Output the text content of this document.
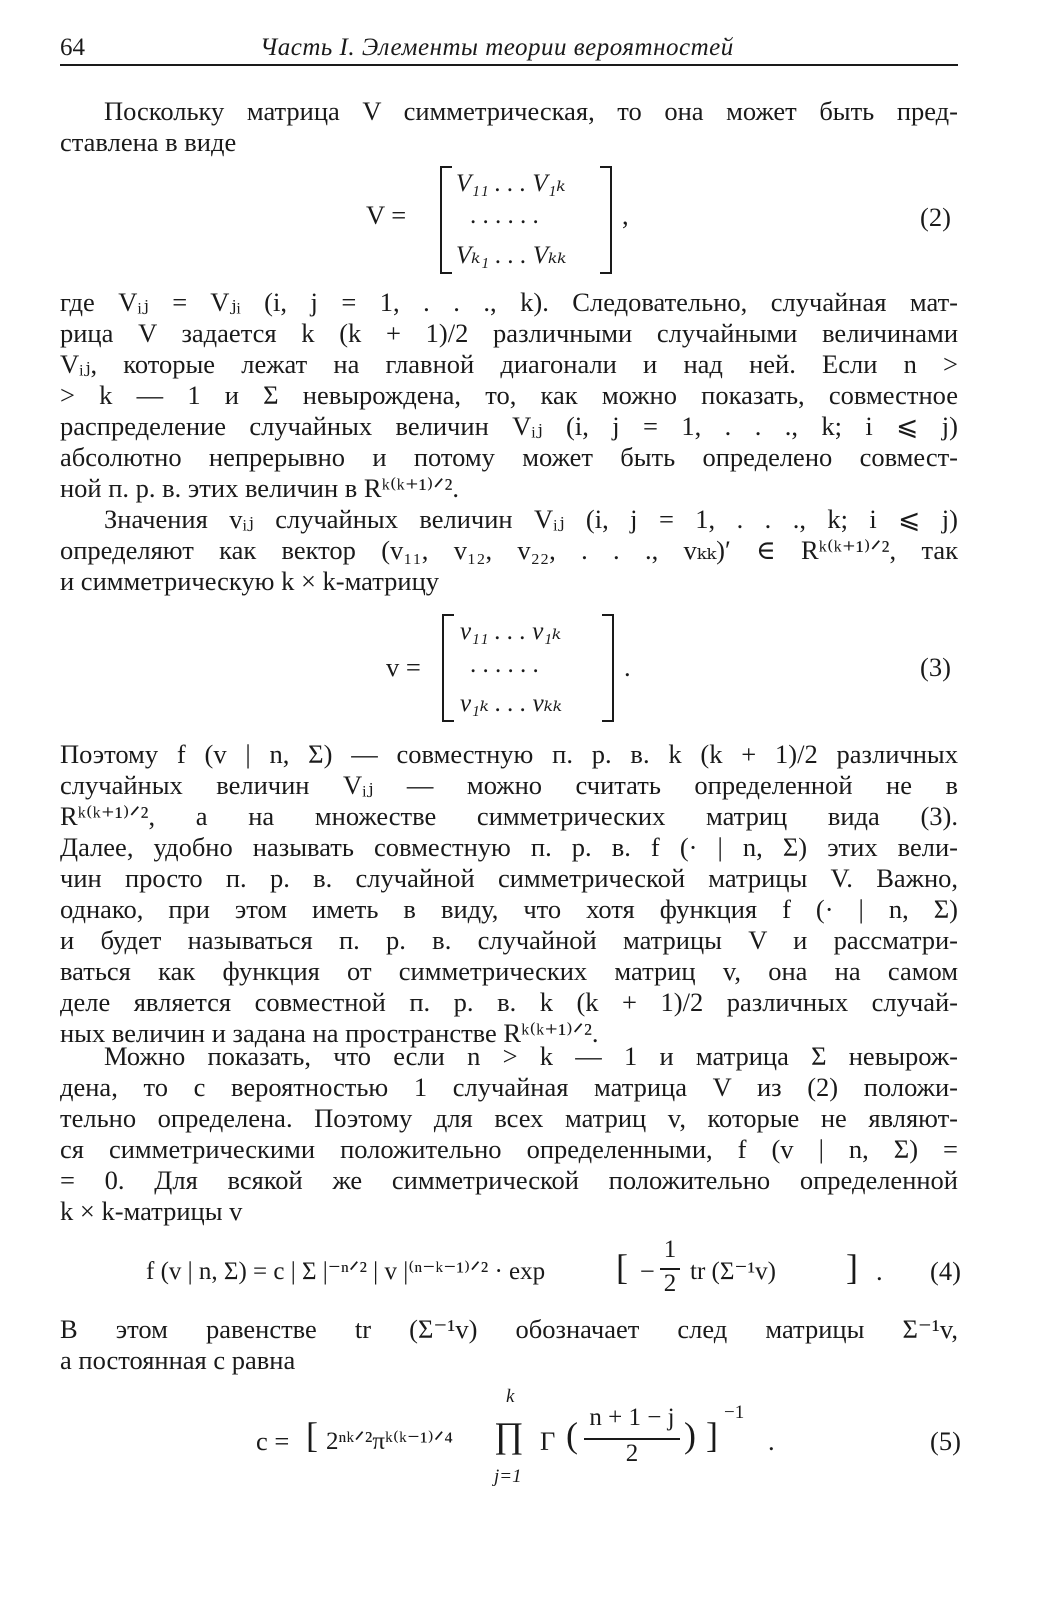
64	Часть I. Элементы теории вероятностей
Поскольку матрица V симметрическая, то она может быть пред-
ставлена в виде
V =
V₁₁ . . . V₁ₖ
. . . . . .
Vₖ₁ . . . Vₖₖ
,	(2)
где Vᵢⱼ = Vⱼᵢ (i, j = 1, . . ., k). Следовательно, случайная мат-
рица V задается k (k + 1)/2 различными случайными величинами
Vᵢⱼ, которые лежат на главной диагонали и над ней. Если n >
> k — 1 и Σ невырождена, то, как можно показать, совместное
распределение случайных величин Vᵢⱼ (i, j = 1, . . ., k; i ⩽ j)
абсолютно непрерывно и потому может быть определено совмест-
ной п. р. в. этих величин в Rᵏ⁽ᵏ⁺¹⁾ᐟ².
Значения vᵢⱼ случайных величин Vᵢⱼ (i, j = 1, . . ., k; i ⩽ j)
определяют как вектор (v₁₁, v₁₂, v₂₂, . . ., vₖₖ)′ ∈ Rᵏ⁽ᵏ⁺¹⁾ᐟ², так
и симметрическую k × k-матрицу
v =
v₁₁ . . . v₁ₖ
. . . . . .
v₁ₖ . . . vₖₖ
.	(3)
Поэтому f (v | n, Σ) — совместную п. р. в. k (k + 1)/2 различных
случайных величин Vᵢⱼ — можно считать определенной не в
Rᵏ⁽ᵏ⁺¹⁾ᐟ², а на множестве симметрических матриц вида (3).
Далее, удобно называть совместную п. р. в. f (· | n, Σ) этих вели-
чин просто п. р. в. случайной симметрической матрицы V. Важно,
однако, при этом иметь в виду, что хотя функция f (· | n, Σ)
и будет называться п. р. в. случайной матрицы V и рассматри-
ваться как функция от симметрических матриц v, она на самом
деле является совместной п. р. в. k (k + 1)/2 различных случай-
ных величин и задана на пространстве Rᵏ⁽ᵏ⁺¹⁾ᐟ².
Можно показать, что если n > k — 1 и матрица Σ невырож-
дена, то с вероятностью 1 случайная матрица V из (2) положи-
тельно определена. Поэтому для всех матриц v, которые не являют-
ся симметрическими положительно определенными, f (v | n, Σ) =
= 0. Для всякой же симметрической положительно определенной
k × k-матрицы v
f (v | n, Σ) = c | Σ |⁻ⁿᐟ² | v |⁽ⁿ⁻ᵏ⁻¹⁾ᐟ² · exp [ −
1
2 tr (Σ⁻¹v) ] . (4)
В этом равенстве tr (Σ⁻¹v) обозначает след матрицы Σ⁻¹v,
а постоянная c равна
c = [ 2ⁿᵏᐟ²πᵏ⁽ᵏ⁻¹⁾ᐟ⁴
k
∏
j=1
Γ ( n + 1 − j
2	) ]
−1
.	(5)
